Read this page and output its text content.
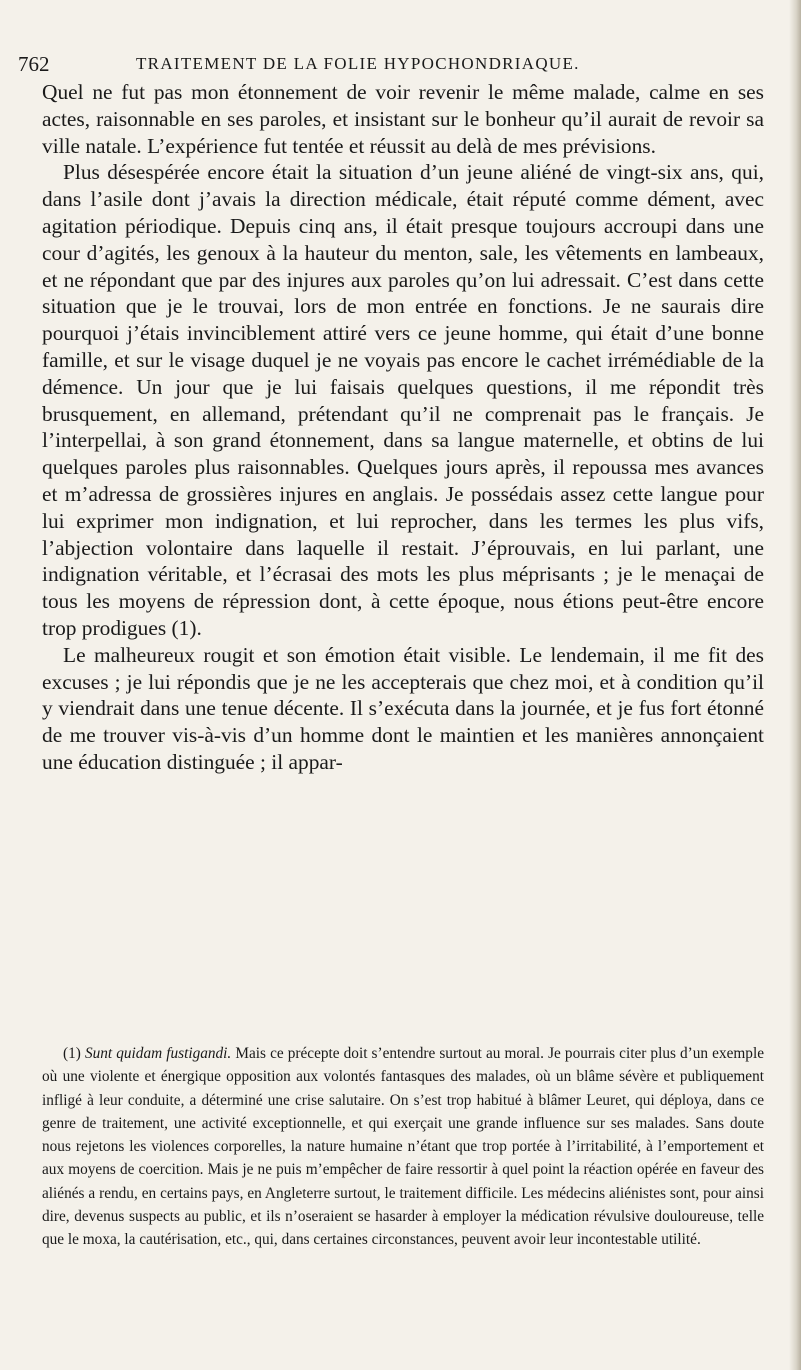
762	TRAITEMENT DE LA FOLIE HYPOCHONDRIAQUE.

Quel ne fut pas mon étonnement de voir revenir le même malade, calme en ses actes, raisonnable en ses paroles, et insistant sur le bonheur qu’il aurait de revoir sa ville natale. L’expérience fut tentée et réussit au delà de mes prévisions.

Plus désespérée encore était la situation d’un jeune aliéné de vingt-six ans, qui, dans l’asile dont j’avais la direction médicale, était réputé comme dément, avec agitation périodique. Depuis cinq ans, il était presque toujours accroupi dans une cour d’agités, les genoux à la hauteur du menton, sale, les vêtements en lambeaux, et ne répondant que par des injures aux paroles qu’on lui adressait. C’est dans cette situation que je le trouvai, lors de mon entrée en fonctions. Je ne saurais dire pourquoi j’étais invinciblement attiré vers ce jeune homme, qui était d’une bonne famille, et sur le visage duquel je ne voyais pas encore le cachet irrémédiable de la démence. Un jour que je lui faisais quelques questions, il me répondit très brusquement, en allemand, prétendant qu’il ne comprenait pas le français. Je l’interpellai, à son grand étonnement, dans sa langue maternelle, et obtins de lui quelques paroles plus raisonnables. Quelques jours après, il repoussa mes avances et m’adressa de grossières injures en anglais. Je possédais assez cette langue pour lui exprimer mon indignation, et lui reprocher, dans les termes les plus vifs, l’abjection volontaire dans laquelle il restait. J’éprouvais, en lui parlant, une indignation véritable, et l’écrasai des mots les plus méprisants ; je le menaçai de tous les moyens de répression dont, à cette époque, nous étions peut-être encore trop prodigues (1).

Le malheureux rougit et son émotion était visible. Le lendemain, il me fit des excuses ; je lui répondis que je ne les accepterais que chez moi, et à condition qu’il y viendrait dans une tenue décente. Il s’exécuta dans la journée, et je fus fort étonné de me trouver vis-à-vis d’un homme dont le maintien et les manières annonçaient une éducation distinguée ; il appar-

(1) Sunt quidam fustigandi. Mais ce précepte doit s’entendre surtout au moral. Je pourrais citer plus d’un exemple où une violente et énergique opposition aux volontés fantasques des malades, où un blâme sévère et publiquement infligé à leur conduite, a déterminé une crise salutaire. On s’est trop habitué à blâmer Leuret, qui déploya, dans ce genre de traitement, une activité exceptionnelle, et qui exerçait une grande influence sur ses malades. Sans doute nous rejetons les violences corporelles, la nature humaine n’étant que trop portée à l’irritabilité, à l’emportement et aux moyens de coercition. Mais je ne puis m’empêcher de faire ressortir à quel point la réaction opérée en faveur des aliénés a rendu, en certains pays, en Angleterre surtout, le traitement difficile. Les médecins aliénistes sont, pour ainsi dire, devenus suspects au public, et ils n’oseraient se hasarder à employer la médication révulsive douloureuse, telle que le moxa, la cautérisation, etc., qui, dans certaines circonstances, peuvent avoir leur incontestable utilité.
